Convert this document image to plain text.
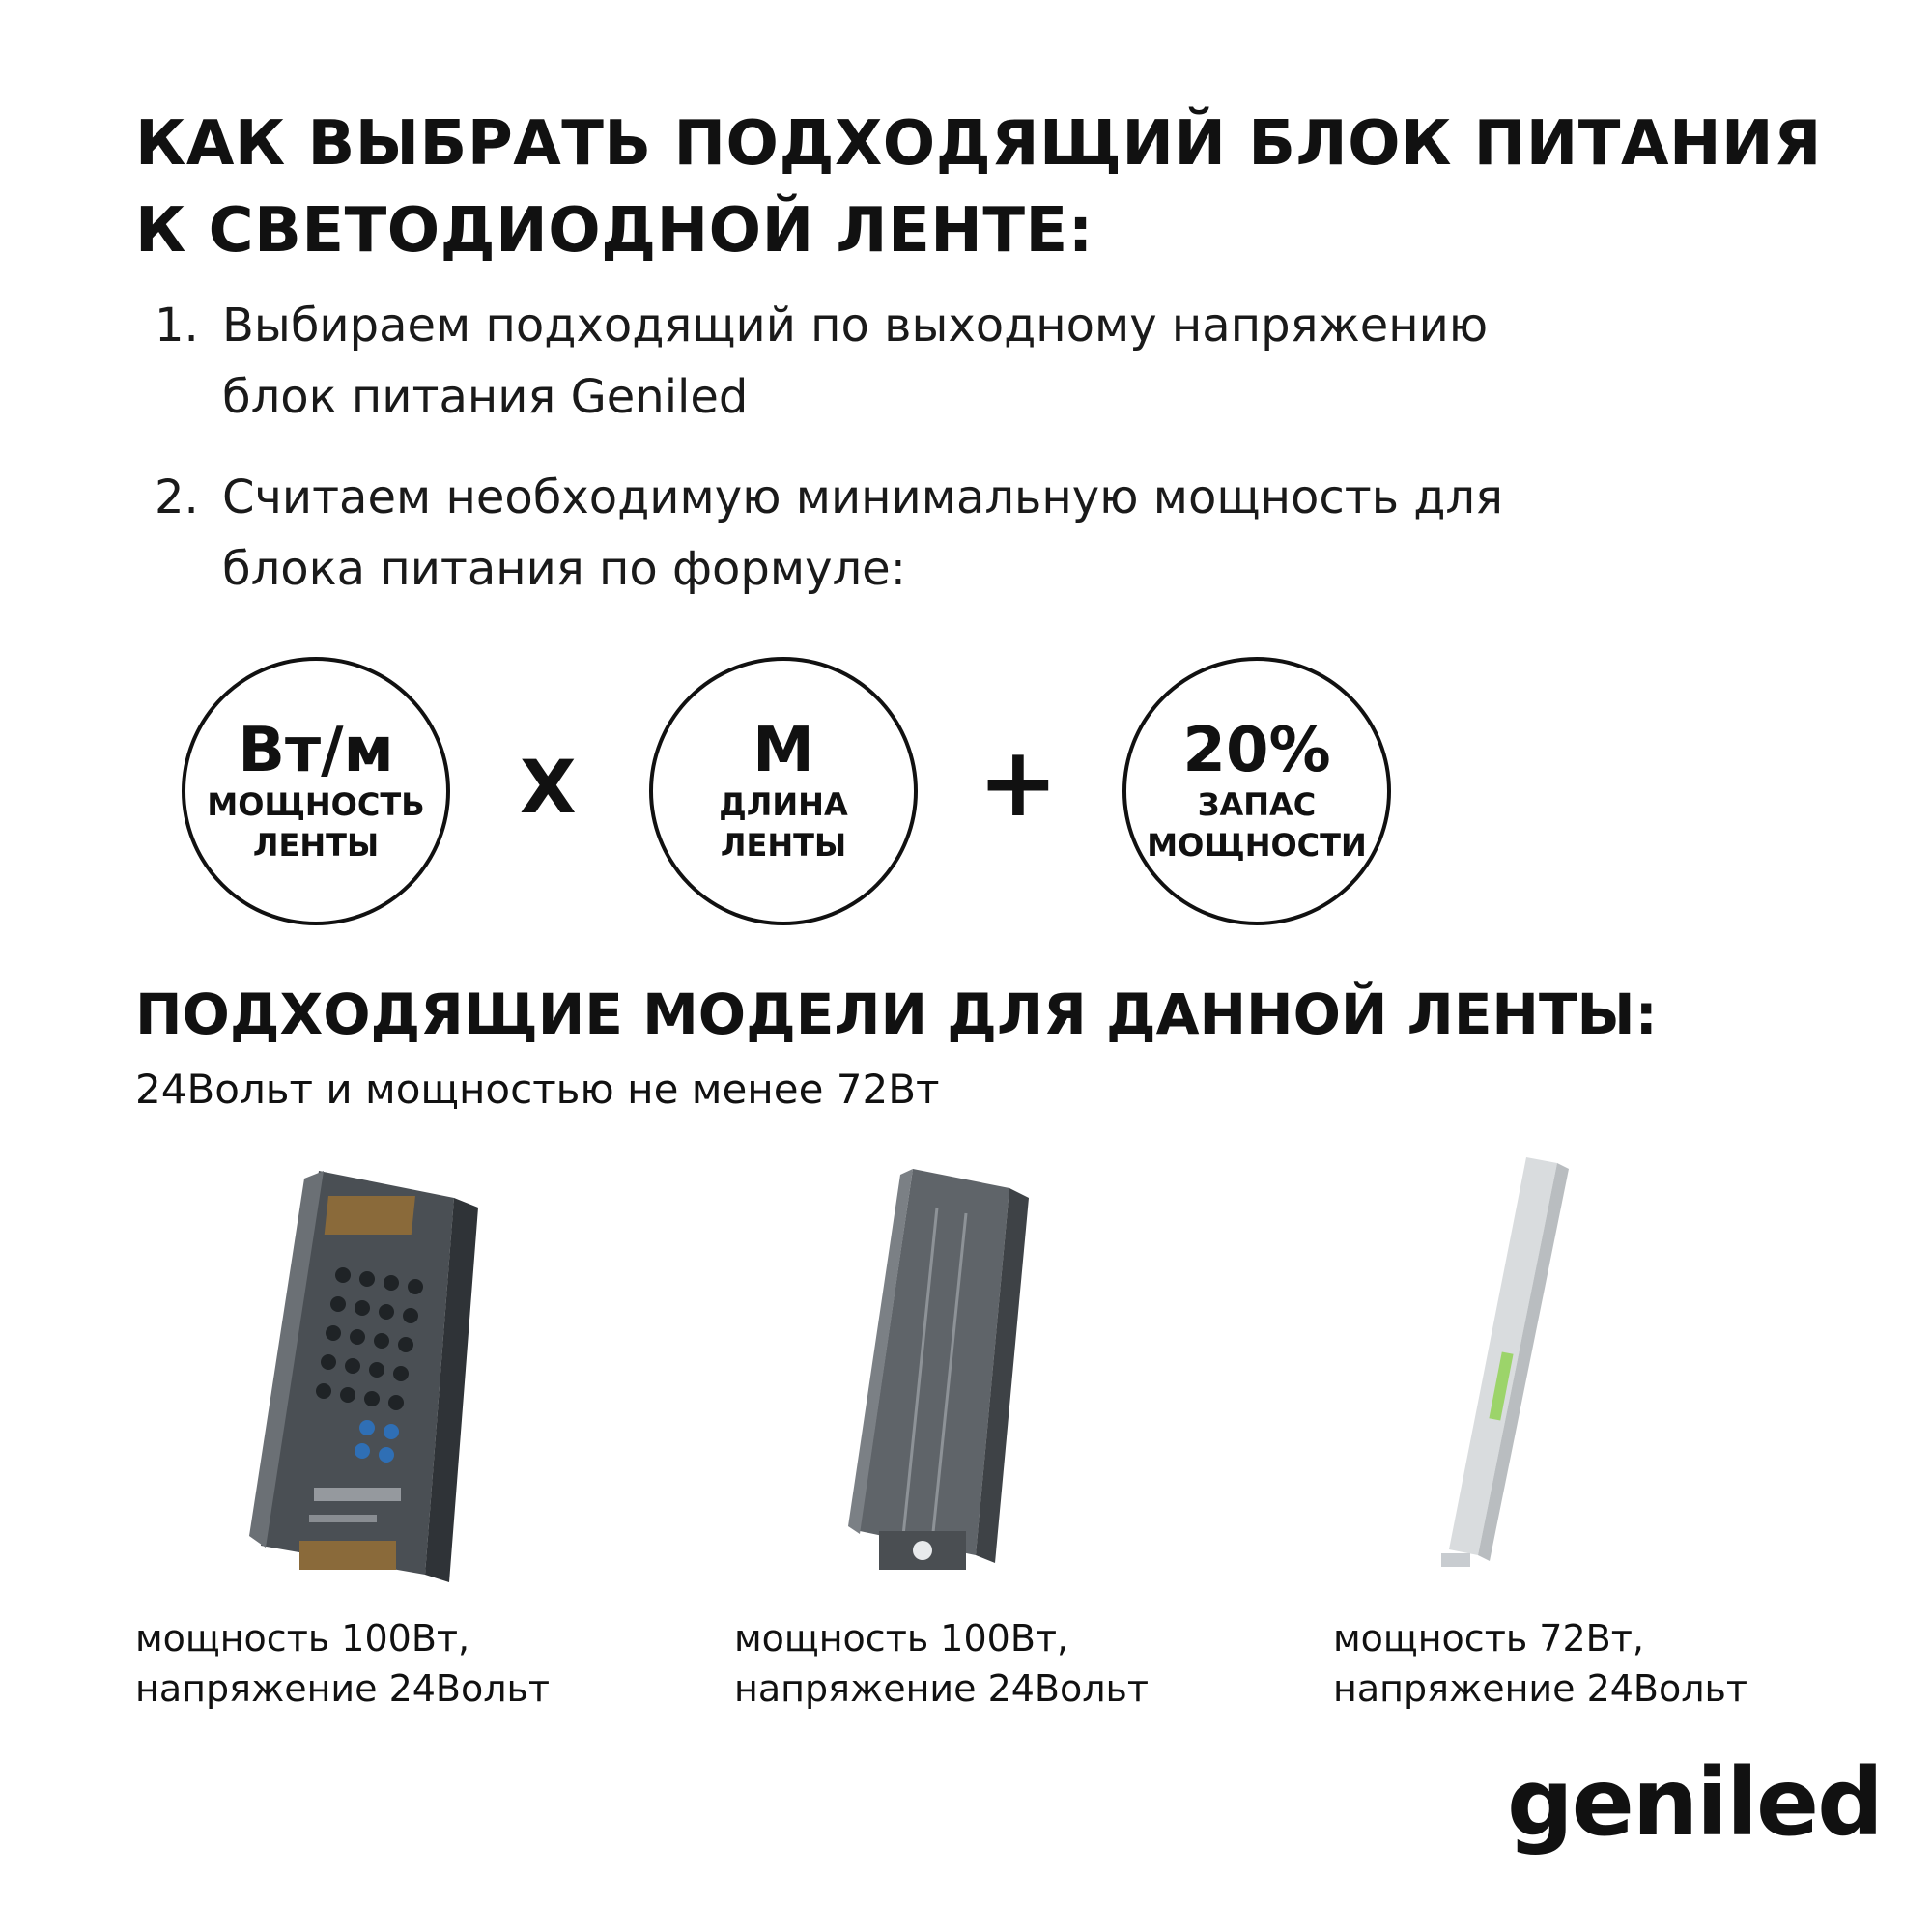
КАК ВЫБРАТЬ ПОДХОДЯЩИЙ БЛОК ПИТАНИЯ
К СВЕТОДИОДНОЙ ЛЕНТЕ:
1. Выбираем подходящий по выходному напряжению
блок питания Geniled
2. Считаем необходимую минимальную мощность для
блока питания по формуле:
Вт/м
МОЩНОСТЬ
ЛЕНТЫ
Х	М
ДЛИНА
ЛЕНТЫ
+ 20%
ЗАПАС
МОЩНОСТИ
ПОДХОДЯЩИЕ МОДЕЛИ ДЛЯ ДАННОЙ ЛЕНТЫ:
24Вольт и мощностью не менее 72Вт
мощность 100Вт,
напряжение 24Вольт
мощность 100Вт,
напряжение 24Вольт
мощность 72Вт,
напряжение 24Вольт
geniled
